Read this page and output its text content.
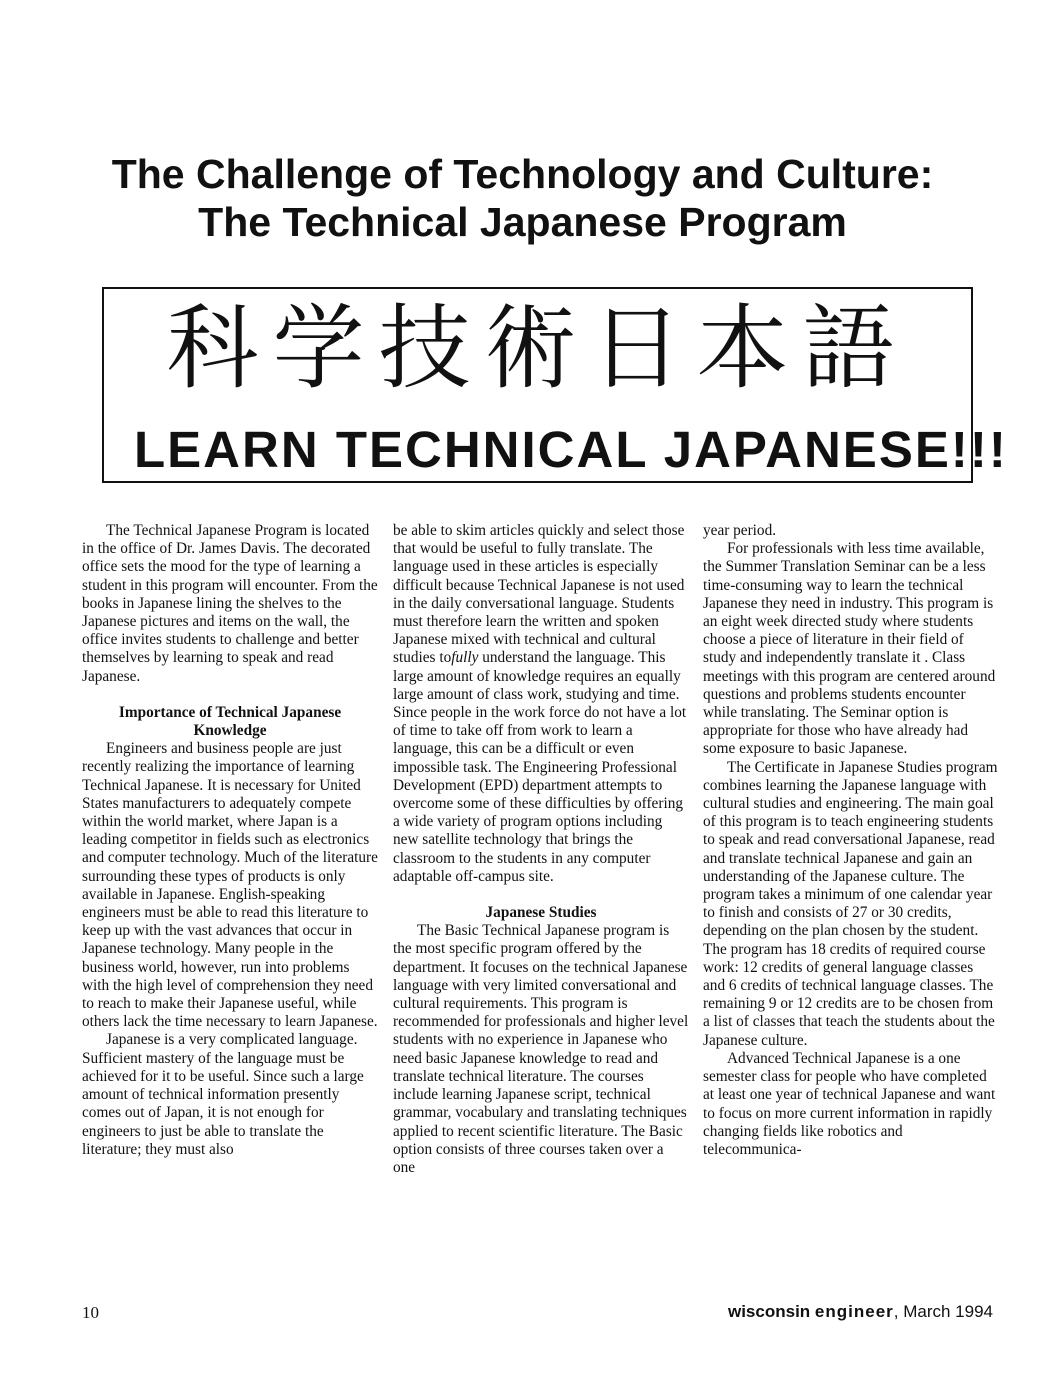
The Challenge of Technology and Culture:
The Technical Japanese Program
科学技術日本語
LEARN TECHNICAL JAPANESE!!!

The Technical Japanese Program is located in the office of Dr. James Davis. The decorated office sets the mood for the type of learning a student in this program will encounter. From the books in Japanese lining the shelves to the Japanese pictures and items on the wall, the office invites students to challenge and better themselves by learning to speak and read Japanese.

Importance of Technical Japanese Knowledge

Engineers and business people are just recently realizing the importance of learning Technical Japanese. It is necessary for United States manufacturers to adequately compete within the world market, where Japan is a leading competitor in fields such as electronics and computer technology. Much of the literature surrounding these types of products is only available in Japanese. English-speaking engineers must be able to read this literature to keep up with the vast advances that occur in Japanese technology. Many people in the business world, however, run into problems with the high level of comprehension they need to reach to make their Japanese useful, while others lack the time necessary to learn Japanese.

Japanese is a very complicated language. Sufficient mastery of the language must be achieved for it to be useful. Since such a large amount of technical information presently comes out of Japan, it is not enough for engineers to just be able to translate the literature; they must also

be able to skim articles quickly and select those that would be useful to fully translate. The language used in these articles is especially difficult because Technical Japanese is not used in the daily conversational language. Students must therefore learn the written and spoken Japanese mixed with technical and cultural studies tofully understand the language. This large amount of knowledge requires an equally large amount of class work, studying and time. Since people in the work force do not have a lot of time to take off from work to learn a language, this can be a difficult or even impossible task. The Engineering Professional Development (EPD) department attempts to overcome some of these difficulties by offering a wide variety of program options including new satellite technology that brings the classroom to the students in any computer adaptable off-campus site.

Japanese Studies

The Basic Technical Japanese program is the most specific program offered by the department. It focuses on the technical Japanese language with very limited conversational and cultural requirements. This program is recommended for professionals and higher level students with no experience in Japanese who need basic Japanese knowledge to read and translate technical literature. The courses include learning Japanese script, technical grammar, vocabulary and translating techniques applied to recent scientific literature. The Basic option consists of three courses taken over a one

year period.

For professionals with less time available, the Summer Translation Seminar can be a less time-consuming way to learn the technical Japanese they need in industry. This program is an eight week directed study where students choose a piece of literature in their field of study and independently translate it . Class meetings with this program are centered around questions and problems students encounter while translating. The Seminar option is appropriate for those who have already had some exposure to basic Japanese.

The Certificate in Japanese Studies program combines learning the Japanese language with cultural studies and engineering. The main goal of this program is to teach engineering students to speak and read conversational Japanese, read and translate technical Japanese and gain an understanding of the Japanese culture. The program takes a minimum of one calendar year to finish and consists of 27 or 30 credits, depending on the plan chosen by the student. The program has 18 credits of required course work: 12 credits of general language classes and 6 credits of technical language classes. The remaining 9 or 12 credits are to be chosen from a list of classes that teach the students about the Japanese culture.

Advanced Technical Japanese is a one semester class for people who have completed at least one year of technical Japanese and want to focus on more current information in rapidly changing fields like robotics and telecommunica-

10	wisconsin engineer, March 1994
